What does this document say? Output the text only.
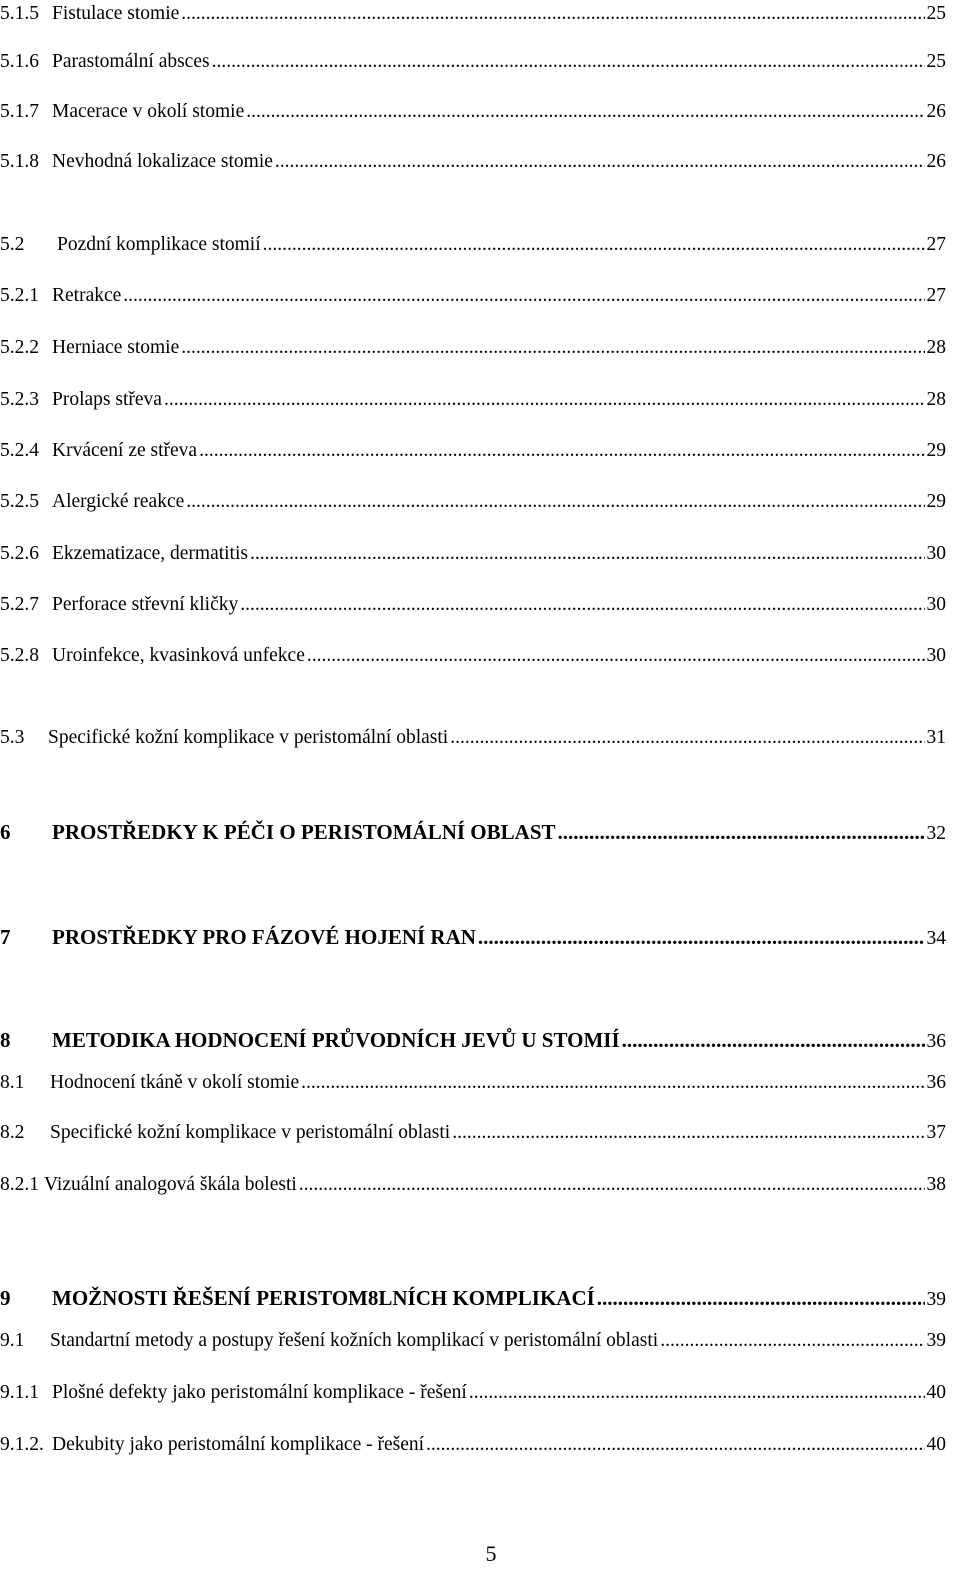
5.1.5 Fistulace stomie .....	25
5.1.6 Parastomální absces .....	25
5.1.7 Macerace v okolí stomie .....	26
5.1.8 Nevhodná lokalizace stomie .....	26
5.2	Pozdní komplikace stomií .....	27
5.2.1 Retrakce .....	27
5.2.2 Herniace stomie .....	28
5.2.3 Prolaps střeva .....	28
5.2.4 Krvácení ze střeva .....	29
5.2.5 Alergické reakce .....	29
5.2.6 Ekzematizace, dermatitis .....	30
5.2.7 Perforace střevní kličky .....	30
5.2.8 Uroinfekce, kvasinková unfekce .....	30
5.3	Specifické kožní komplikace v peristomální oblasti .....	31
6	PROSTŘEDKY K PÉČI O PERISTOMÁLNÍ OBLAST .....	32
7	PROSTŘEDKY PRO FÁZOVÉ HOJENÍ RAN .....	34
8	METODIKA HODNOCENÍ PRŮVODNÍCH JEVŮ U STOMIÍ .....	36
8.1	Hodnocení tkáně v okolí stomie .....	36
8.2	Specifické kožní komplikace v peristomální oblasti .....	37
8.2.1 Vizuální analogová škála bolesti .....	38
9	MOŽNOSTI ŘEŠENÍ PERISTOM8LNÍCH KOMPLIKACÍ .....	39
9.1	Standartní metody a postupy řešení kožních komplikací v peristomální oblasti .....	39
9.1.1 Plošné defekty jako peristomální komplikace - řešení .....	40
9.1.2. Dekubity jako peristomální komplikace - řešení .....	40
5
